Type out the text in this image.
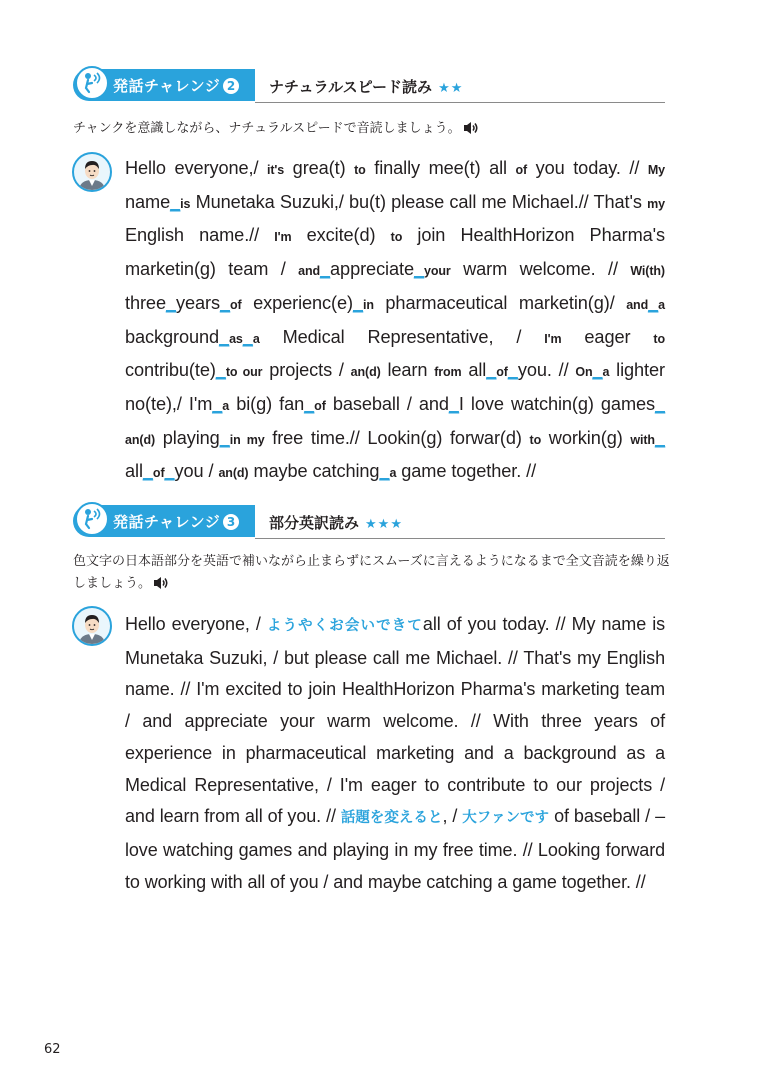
発話チャレンジ 2 ナチュラルスピード読み ★★
チャンクを意識しながら、ナチュラルスピードで音読しましょう。
Hello everyone,/ it's grea(t) to finally mee(t) all of you today. // My name_is Munetaka Suzuki,/ bu(t) please call me Michael.// That's my English name.// I'm excite(d) to join HealthHorizon Pharma's marketin(g) team / and_appreciate_your warm welcome. // Wi(th) three_years_of experienc(e)_in pharmaceutical marketin(g)/ and_a background_as_a Medical Representative, / I'm eager to contribu(te)_to our projects / an(d) learn from all_of_you. // On_a lighter no(te),/ I'm_a bi(g) fan_of baseball / and_I love watchin(g) games_ an(d) playing_in my free time.// Lookin(g) forwar(d) to workin(g) with_ all_of_you / an(d) maybe catching_a game together. //
発話チャレンジ 3 部分英訳読み ★★★
色文字の日本語部分を英語で補いながら止まらずにスムーズに言えるようになるまで全文音読を繰り返しましょう。
Hello everyone, / ようやくお会いできてall of you today. // My name is Munetaka Suzuki, / but please call me Michael. // That's my English name. // I'm excited to join HealthHorizon Pharma's marketing team / and appreciate your warm welcome. // With three years of experience in pharmaceutical marketing and a background as a Medical Representative, / I'm eager to contribute to our projects / and learn from all of you. // 話題を変えると, / 大ファンです of baseball / – love watching games and playing in my free time. // Looking forward to working with all of you / and maybe catching a game together. //
62
